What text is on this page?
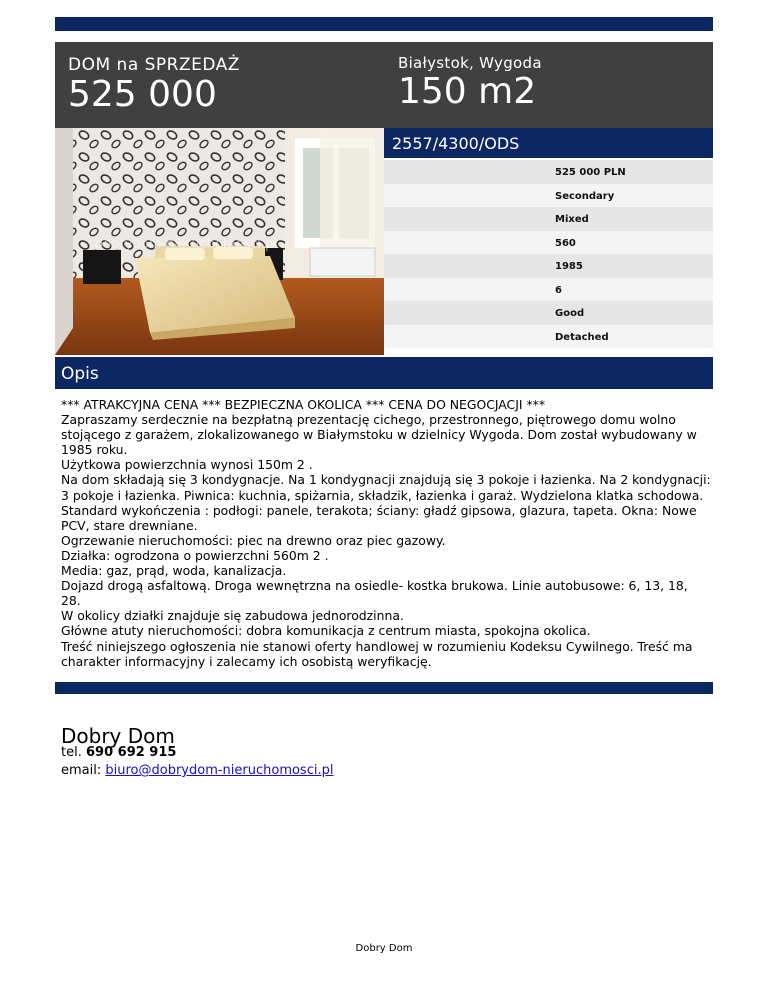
DOM na SPRZEDAŻ
525 000
Białystok, Wygoda
150 m2
dobrydom-nieruchomosci.pl
2557/4300/ODS
525 000 PLN
Secondary
Mixed
560
1985
6
Good
Detached
Opis
*** ATRAKCYJNA CENA *** BEZPIECZNA OKOLICA *** CENA DO NEGOCJACJI ***
Zapraszamy serdecznie na bezpłatną prezentację cichego, przestronnego, piętrowego domu wolno stojącego z garażem, zlokalizowanego w Białymstoku w dzielnicy Wygoda. Dom został wybudowany w 1985 roku.
Użytkowa powierzchnia wynosi 150m 2 .
Na dom składają się 3 kondygnacje. Na 1 kondygnacji znajdują się 3 pokoje i łazienka. Na 2 kondygnacji: 3 pokoje i łazienka. Piwnica: kuchnia, spiżarnia, składzik, łazienka i garaż. Wydzielona klatka schodowa.
Standard wykończenia : podłogi: panele, terakota; ściany: gładź gipsowa, glazura, tapeta. Okna: Nowe PCV, stare drewniane.
Ogrzewanie nieruchomości: piec na drewno oraz piec gazowy.
Działka: ogrodzona o powierzchni 560m 2 .
Media: gaz, prąd, woda, kanalizacja.
Dojazd drogą asfaltową. Droga wewnętrzna na osiedle- kostka brukowa. Linie autobusowe: 6, 13, 18, 28.
W okolicy działki znajduje się zabudowa jednorodzinna.
Główne atuty nieruchomości: dobra komunikacja z centrum miasta, spokojna okolica.
Treść niniejszego ogłoszenia nie stanowi oferty handlowej w rozumieniu Kodeksu Cywilnego. Treść ma charakter informacyjny i zalecamy ich osobistą weryfikację.
Dobry Dom
tel. 690 692 915
email: biuro@dobrydom-nieruchomosci.pl
Dobry Dom
